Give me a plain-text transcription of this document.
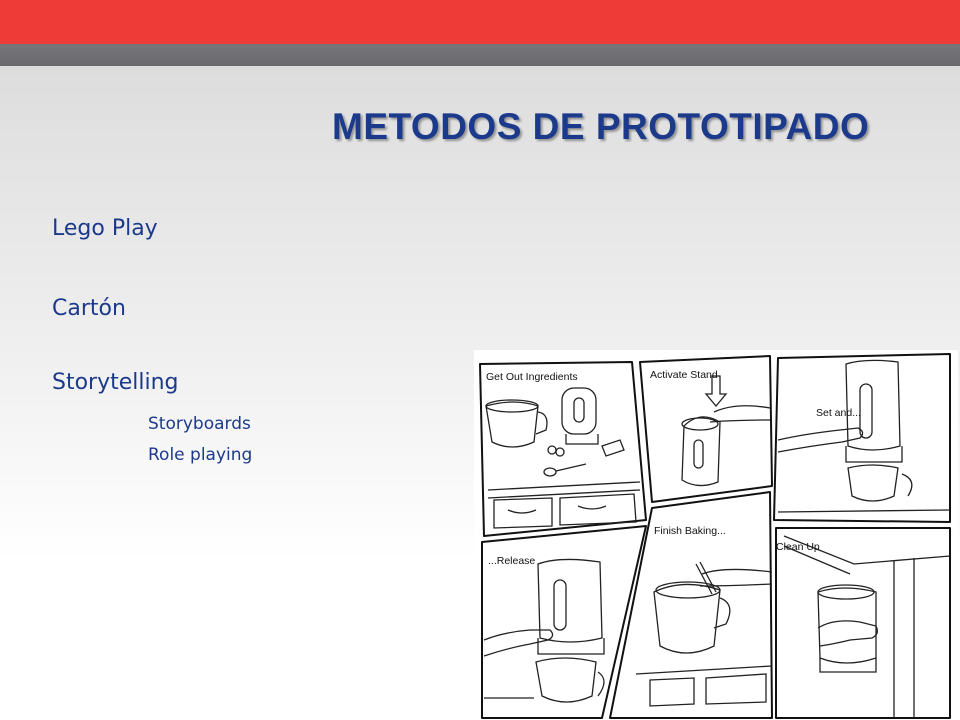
METODOS DE PROTOTIPADO
Lego Play
Cartón
Storytelling
Storyboards
Role playing
Get Out Ingredients	Activate Stand
Set and...
...Release
Finish Baking...
Clean Up
